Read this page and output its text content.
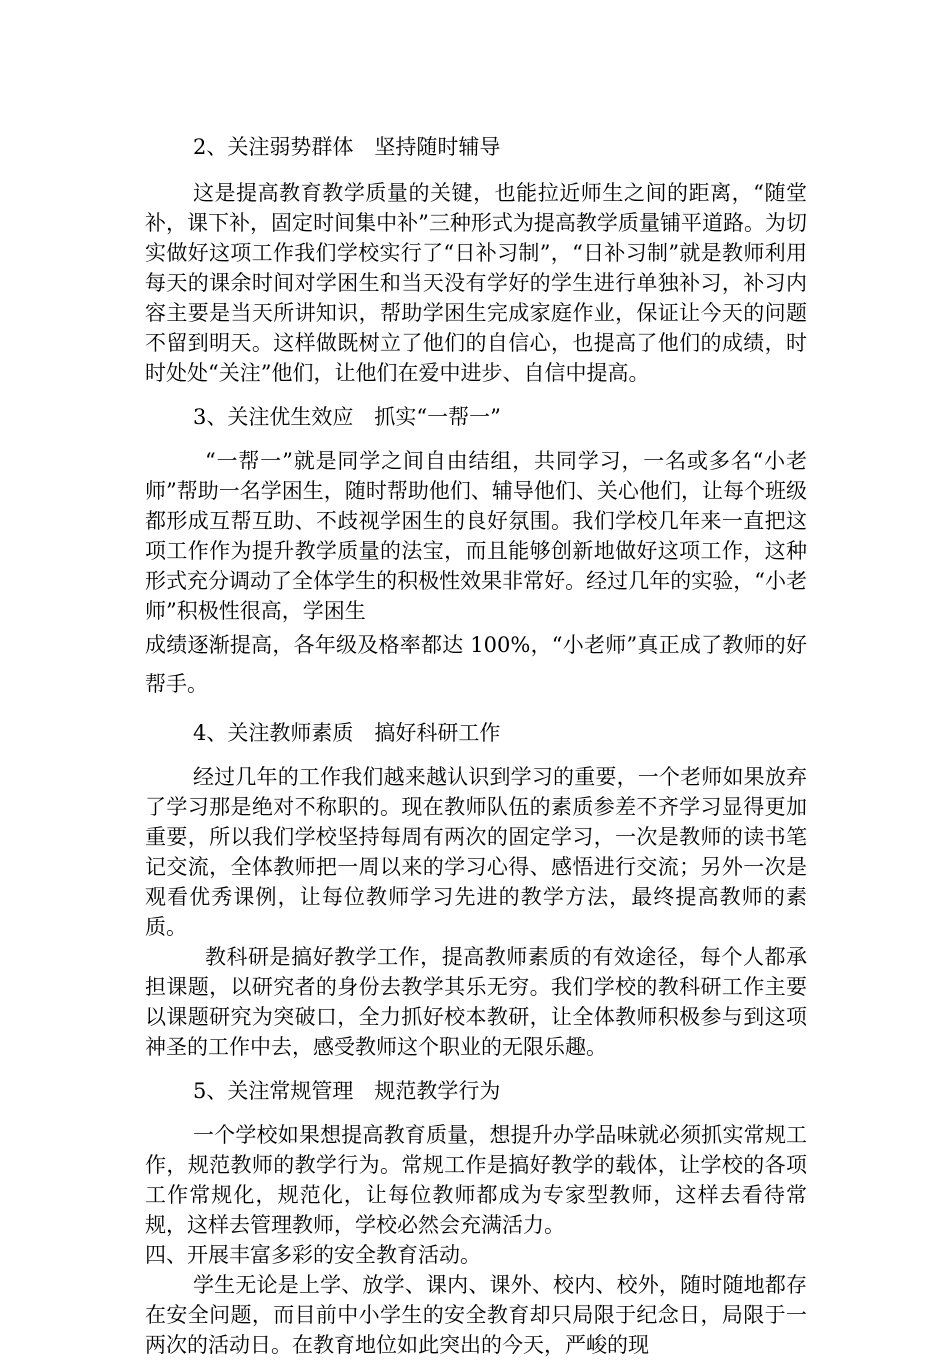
2、关注弱势群体　坚持随时辅导

这是提高教育教学质量的关键，也能拉近师生之间的距离，“随堂补，课下补，固定时间集中补”三种形式为提高教学质量铺平道路。为切实做好这项工作我们学校实行了“日补习制”，“日补习制”就是教师利用每天的课余时间对学困生和当天没有学好的学生进行单独补习，补习内容主要是当天所讲知识，帮助学困生完成家庭作业，保证让今天的问题不留到明天。这样做既树立了他们的自信心，也提高了他们的成绩，时时处处“关注”他们，让他们在爱中进步、自信中提高。

3、关注优生效应　抓实“一帮一”

“一帮一”就是同学之间自由结组，共同学习，一名或多名“小老师”帮助一名学困生，随时帮助他们、辅导他们、关心他们，让每个班级都形成互帮互助、不歧视学困生的良好氛围。我们学校几年来一直把这项工作作为提升教学质量的法宝，而且能够创新地做好这项工作，这种形式充分调动了全体学生的积极性效果非常好。经过几年的实验，“小老师”积极性很高，学困生

成绩逐渐提高，各年级及格率都达 100%，“小老师”真正成了教师的好帮手。

4、关注教师素质　搞好科研工作

经过几年的工作我们越来越认识到学习的重要，一个老师如果放弃了学习那是绝对不称职的。现在教师队伍的素质参差不齐学习显得更加重要，所以我们学校坚持每周有两次的固定学习，一次是教师的读书笔记交流，全体教师把一周以来的学习心得、感悟进行交流；另外一次是观看优秀课例，让每位教师学习先进的教学方法，最终提高教师的素质。

教科研是搞好教学工作，提高教师素质的有效途径，每个人都承担课题，以研究者的身份去教学其乐无穷。我们学校的教科研工作主要以课题研究为突破口，全力抓好校本教研，让全体教师积极参与到这项神圣的工作中去，感受教师这个职业的无限乐趣。

5、关注常规管理　规范教学行为

一个学校如果想提高教育质量，想提升办学品味就必须抓实常规工作，规范教师的教学行为。常规工作是搞好教学的载体，让学校的各项工作常规化，规范化，让每位教师都成为专家型教师，这样去看待常规，这样去管理教师，学校必然会充满活力。

四、开展丰富多彩的安全教育活动。

学生无论是上学、放学、课内、课外、校内、校外，随时随地都存在安全问题，而目前中小学生的安全教育却只局限于纪念日，局限于一两次的活动日。在教育地位如此突出的今天，严峻的现
